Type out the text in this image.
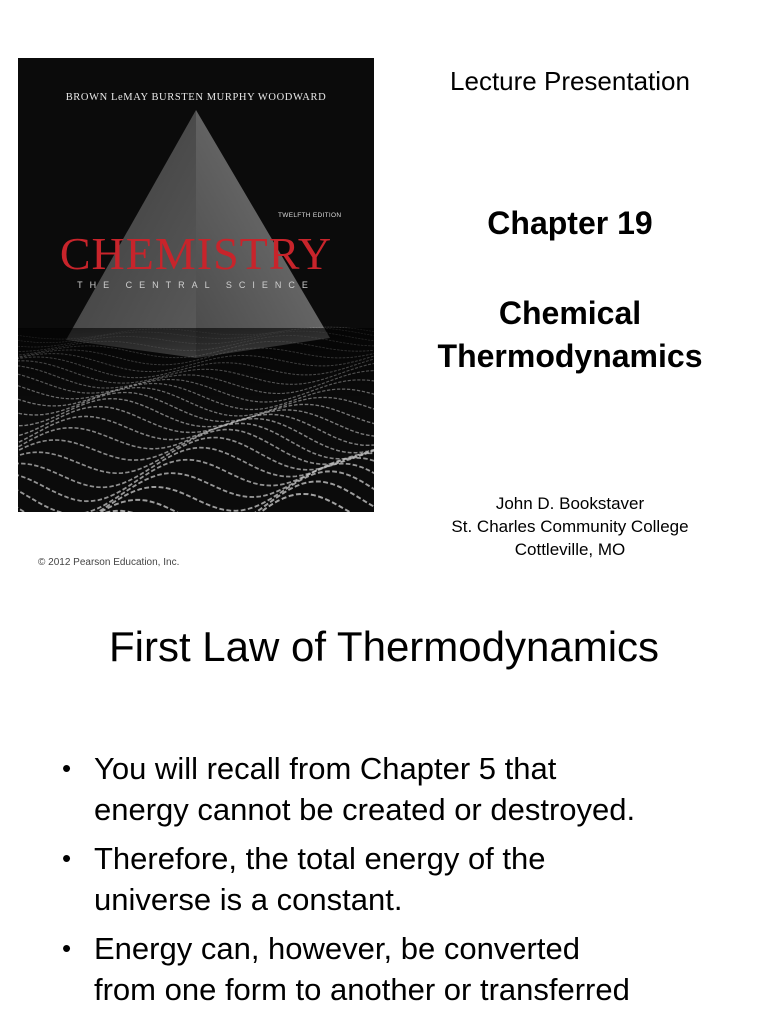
BROWN LeMAY BURSTEN MURPHY WOODWARD
TWELFTH EDITION
CHEMISTRY
THE CENTRAL SCIENCE
© 2012 Pearson Education, Inc.
Lecture Presentation
Chapter 19
Chemical
Thermodynamics
John D. Bookstaver
St. Charles Community College
Cottleville, MO
First Law of Thermodynamics
• You will recall from Chapter 5 that
energy cannot be created or destroyed.
• Therefore, the total energy of the
universe is a constant.
• Energy can, however, be converted
from one form to another or transferred
